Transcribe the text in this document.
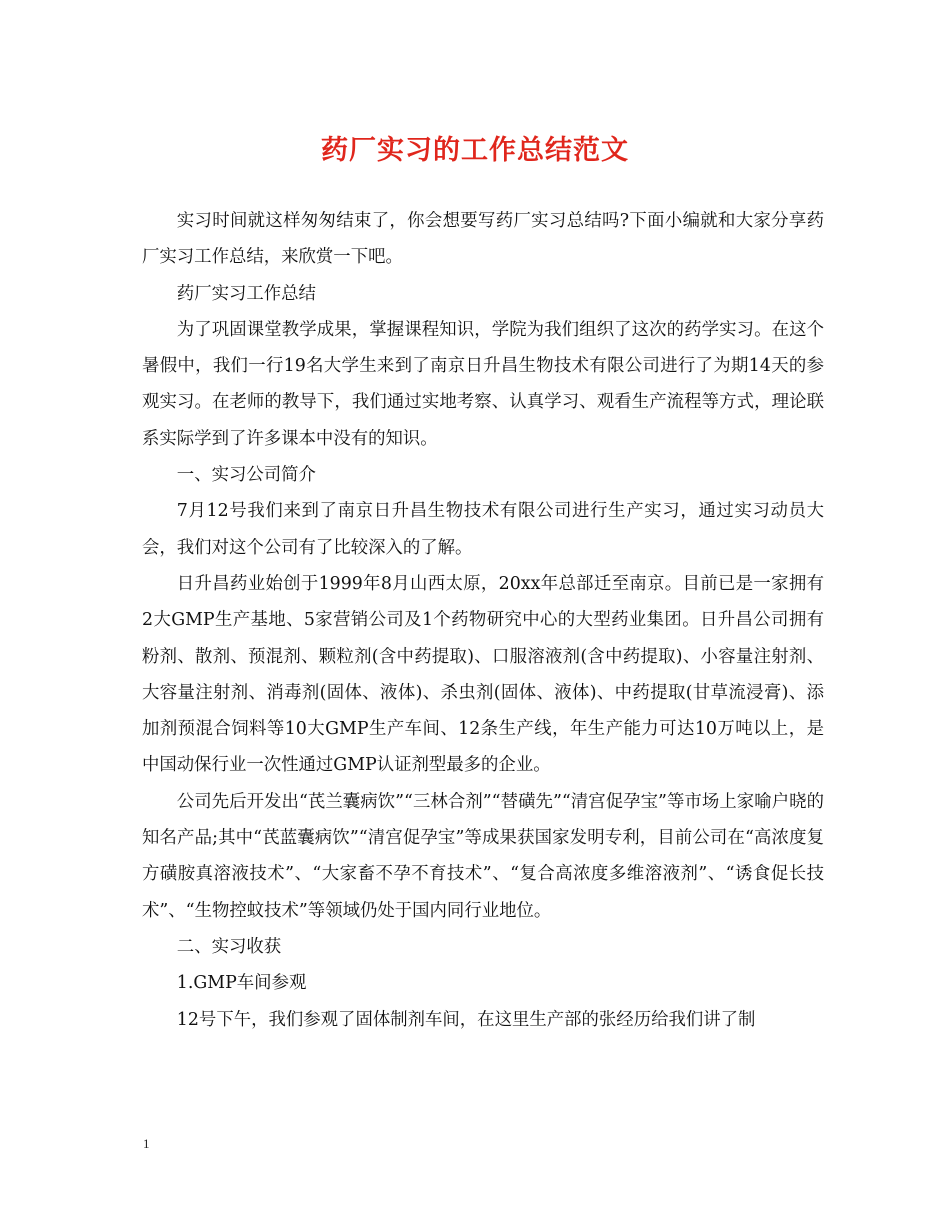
药厂实习的工作总结范文

实习时间就这样匆匆结束了，你会想要写药厂实习总结吗?下面小编就和大家分享药厂实习工作总结，来欣赏一下吧。

药厂实习工作总结

为了巩固课堂教学成果，掌握课程知识，学院为我们组织了这次的药学实习。在这个暑假中，我们一行19名大学生来到了南京日升昌生物技术有限公司进行了为期14天的参观实习。在老师的教导下，我们通过实地考察、认真学习、观看生产流程等方式，理论联系实际学到了许多课本中没有的知识。

一、实习公司简介

7月12号我们来到了南京日升昌生物技术有限公司进行生产实习，通过实习动员大会，我们对这个公司有了比较深入的了解。

日升昌药业始创于1999年8月山西太原，20xx年总部迁至南京。目前已是一家拥有2大GMP生产基地、5家营销公司及1个药物研究中心的大型药业集团。日升昌公司拥有粉剂、散剂、预混剂、颗粒剂(含中药提取)、口服溶液剂(含中药提取)、小容量注射剂、大容量注射剂、消毒剂(固体、液体)、杀虫剂(固体、液体)、中药提取(甘草流浸膏)、添加剂预混合饲料等10大GMP生产车间、12条生产线，年生产能力可达10万吨以上，是中国动保行业一次性通过GMP认证剂型最多的企业。

公司先后开发出“芪兰囊病饮”“三林合剂”“替磺先”“清宫促孕宝”等市场上家喻户晓的知名产品;其中“芪蓝囊病饮”“清宫促孕宝”等成果获国家发明专利，目前公司在“高浓度复方磺胺真溶液技术”、“大家畜不孕不育技术”、“复合高浓度多维溶液剂”、“诱食促长技术”、“生物控蚊技术”等领域仍处于国内同行业地位。

二、实习收获

1.GMP车间参观

12号下午，我们参观了固体制剂车间，在这里生产部的张经历给我们讲了制

1
